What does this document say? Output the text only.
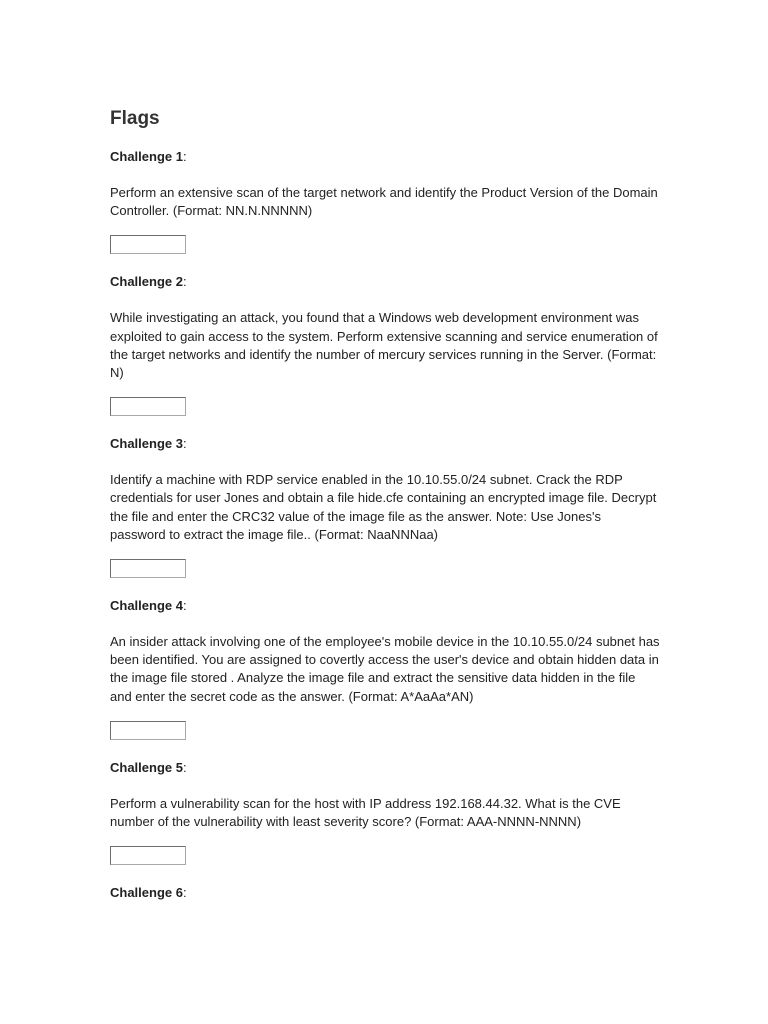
Flags

Challenge 1:

Perform an extensive scan of the target network and identify the Product Version of the Domain Controller. (Format: NN.N.NNNNN)

Challenge 2:

While investigating an attack, you found that a Windows web development environment was exploited to gain access to the system. Perform extensive scanning and service enumeration of the target networks and identify the number of mercury services running in the Server. (Format: N)

Challenge 3:

Identify a machine with RDP service enabled in the 10.10.55.0/24 subnet. Crack the RDP credentials for user Jones and obtain a file hide.cfe containing an encrypted image file. Decrypt the file and enter the CRC32 value of the image file as the answer. Note: Use Jones's password to extract the image file.. (Format: NaaNNNaa)

Challenge 4:

An insider attack involving one of the employee's mobile device in the 10.10.55.0/24 subnet has been identified. You are assigned to covertly access the user's device and obtain hidden data in the image file stored . Analyze the image file and extract the sensitive data hidden in the file and enter the secret code as the answer. (Format: A*AaAa*AN)

Challenge 5:

Perform a vulnerability scan for the host with IP address 192.168.44.32. What is the CVE number of the vulnerability with least severity score? (Format: AAA-NNNN-NNNN)

Challenge 6:
